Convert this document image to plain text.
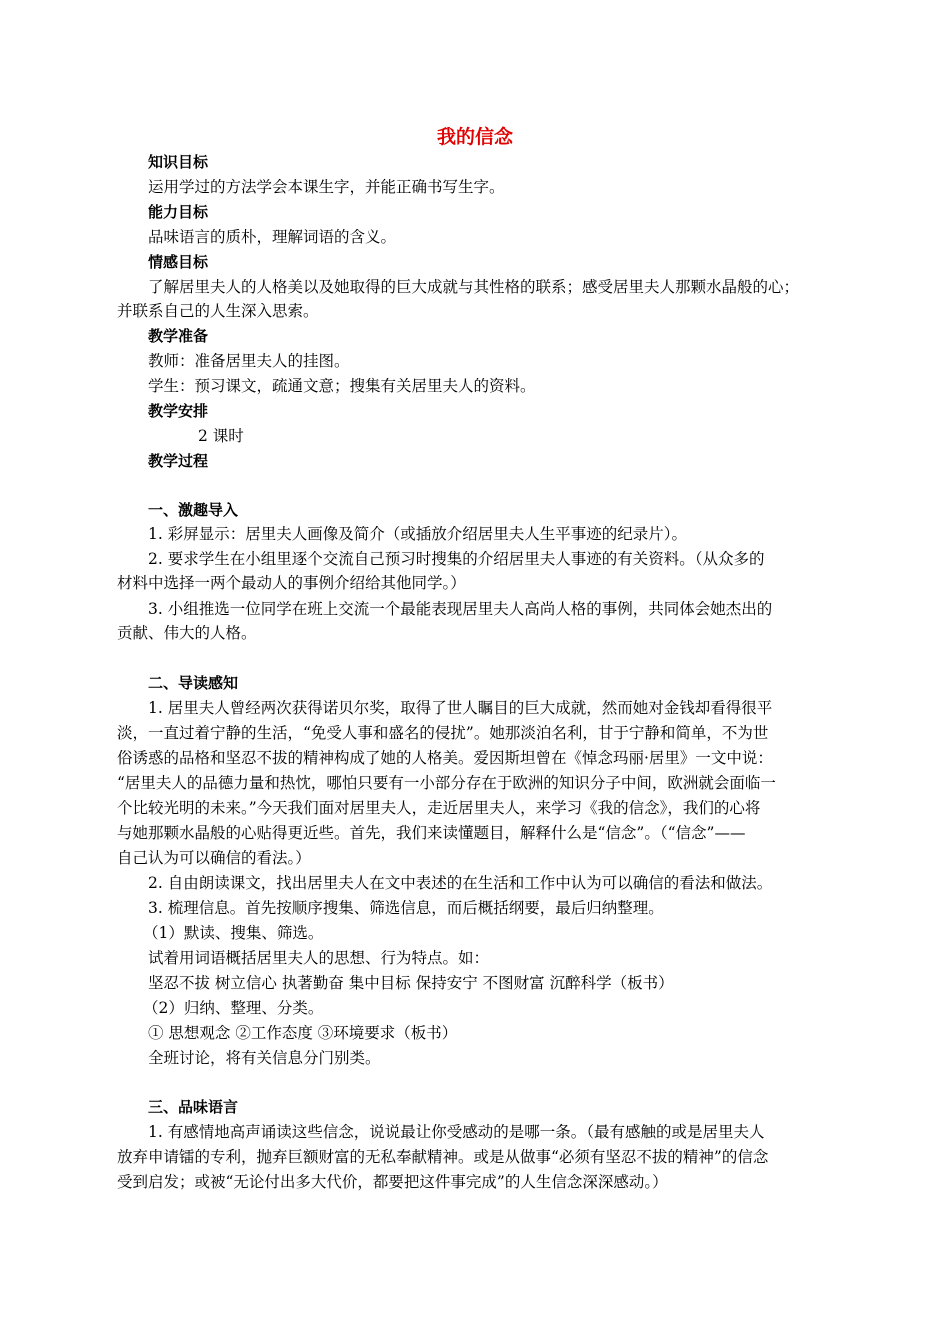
我的信念
知识目标
运用学过的方法学会本课生字，并能正确书写生字。
能力目标
品味语言的质朴，理解词语的含义。
情感目标
了解居里夫人的人格美以及她取得的巨大成就与其性格的联系；感受居里夫人那颗水晶般的心；
并联系自己的人生深入思索。
教学准备
教师：准备居里夫人的挂图。
学生：预习课文，疏通文意；搜集有关居里夫人的资料。
教学安排
2 课时
教学过程
一、激趣导入
1. 彩屏显示：居里夫人画像及简介（或插放介绍居里夫人生平事迹的纪录片）。
2. 要求学生在小组里逐个交流自己预习时搜集的介绍居里夫人事迹的有关资料。（从众多的
材料中选择一两个最动人的事例介绍给其他同学。）
3. 小组推选一位同学在班上交流一个最能表现居里夫人高尚人格的事例，共同体会她杰出的
贡献、伟大的人格。
二、导读感知
1. 居里夫人曾经两次获得诺贝尔奖，取得了世人瞩目的巨大成就，然而她对金钱却看得很平
淡，一直过着宁静的生活，“免受人事和盛名的侵扰”。她那淡泊名利，甘于宁静和简单，不为世
俗诱惑的品格和坚忍不拔的精神构成了她的人格美。爱因斯坦曾在《悼念玛丽·居里》一文中说：
“居里夫人的品德力量和热忱，哪怕只要有一小部分存在于欧洲的知识分子中间，欧洲就会面临一
个比较光明的未来。”今天我们面对居里夫人，走近居里夫人，来学习《我的信念》，我们的心将
与她那颗水晶般的心贴得更近些。首先，我们来读懂题目，解释什么是“信念”。（“信念”——
自己认为可以确信的看法。）
2. 自由朗读课文，找出居里夫人在文中表述的在生活和工作中认为可以确信的看法和做法。
3. 梳理信息。首先按顺序搜集、筛选信息，而后概括纲要，最后归纳整理。
（1）默读、搜集、筛选。
试着用词语概括居里夫人的思想、行为特点。如：
坚忍不拔 树立信心 执著勤奋 集中目标 保持安宁 不图财富 沉醉科学（板书）
（2）归纳、整理、分类。
① 思想观念 ②工作态度 ③环境要求（板书）
全班讨论，将有关信息分门别类。
三、品味语言
1. 有感情地高声诵读这些信念，说说最让你受感动的是哪一条。（最有感触的或是居里夫人
放弃申请镭的专利，抛弃巨额财富的无私奉献精神。或是从做事“必须有坚忍不拔的精神”的信念
受到启发；或被“无论付出多大代价，都要把这件事完成”的人生信念深深感动。）
